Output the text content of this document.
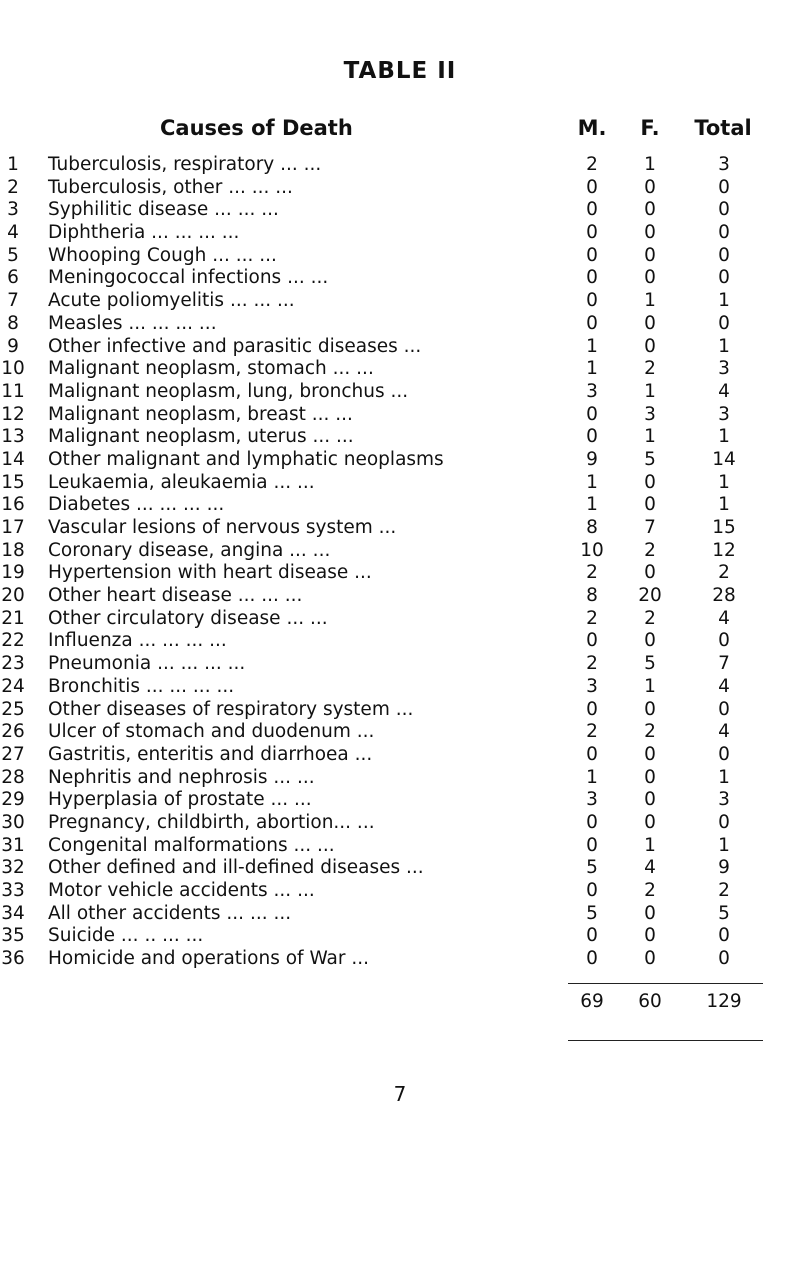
TABLE II
Causes of Death	M.	F.	Total
1	Tuberculosis, respiratory ... ...	2	1	3
2	Tuberculosis, other ... ... ...	0	0	0
3	Syphilitic disease ... ... ...	0	0	0
4	Diphtheria ... ... ... ...	0	0	0
5	Whooping Cough ... ... ...	0	0	0
6	Meningococcal infections ... ...	0	0	0
7	Acute poliomyelitis ... ... ...	0	1	1
8	Measles ... ... ... ...	0	0	0
9	Other infective and parasitic diseases ...	1	0	1
10 Malignant neoplasm, stomach ... ...	1	2	3
11 Malignant neoplasm, lung, bronchus ...	3	1	4
12 Malignant neoplasm, breast ... ...	0	3	3
13 Malignant neoplasm, uterus ... ...	0	1	1
14 Other malignant and lymphatic neoplasms	9	5	14
15 Leukaemia, aleukaemia ... ...	1	0	1
16 Diabetes ... ... ... ...	1	0	1
17 Vascular lesions of nervous system ...	8	7	15
18 Coronary disease, angina ... ...	10	2	12
19 Hypertension with heart disease ...	2	0	2
20 Other heart disease ... ... ...	8	20	28
21 Other circulatory disease ... ...	2	2	4
22 Influenza ... ... ... ...	0	0	0
23 Pneumonia ... ... ... ...	2	5	7
24 Bronchitis ... ... ... ...	3	1	4
25 Other diseases of respiratory system ...	0	0	0
26 Ulcer of stomach and duodenum ...	2	2	4
27 Gastritis, enteritis and diarrhoea ...	0	0	0
28 Nephritis and nephrosis ... ...	1	0	1
29 Hyperplasia of prostate ... ...	3	0	3
30 Pregnancy, childbirth, abortion... ...	0	0	0
31 Congenital malformations ... ...	0	1	1
32 Other defined and ill-defined diseases ...	5	4	9
33 Motor vehicle accidents ... ...	0	2	2
34 All other accidents ... ... ...	5	0	5
35 Suicide ... .. ... ...	0	0	0
36 Homicide and operations of War ...	0	0	0
69	60	129
7
